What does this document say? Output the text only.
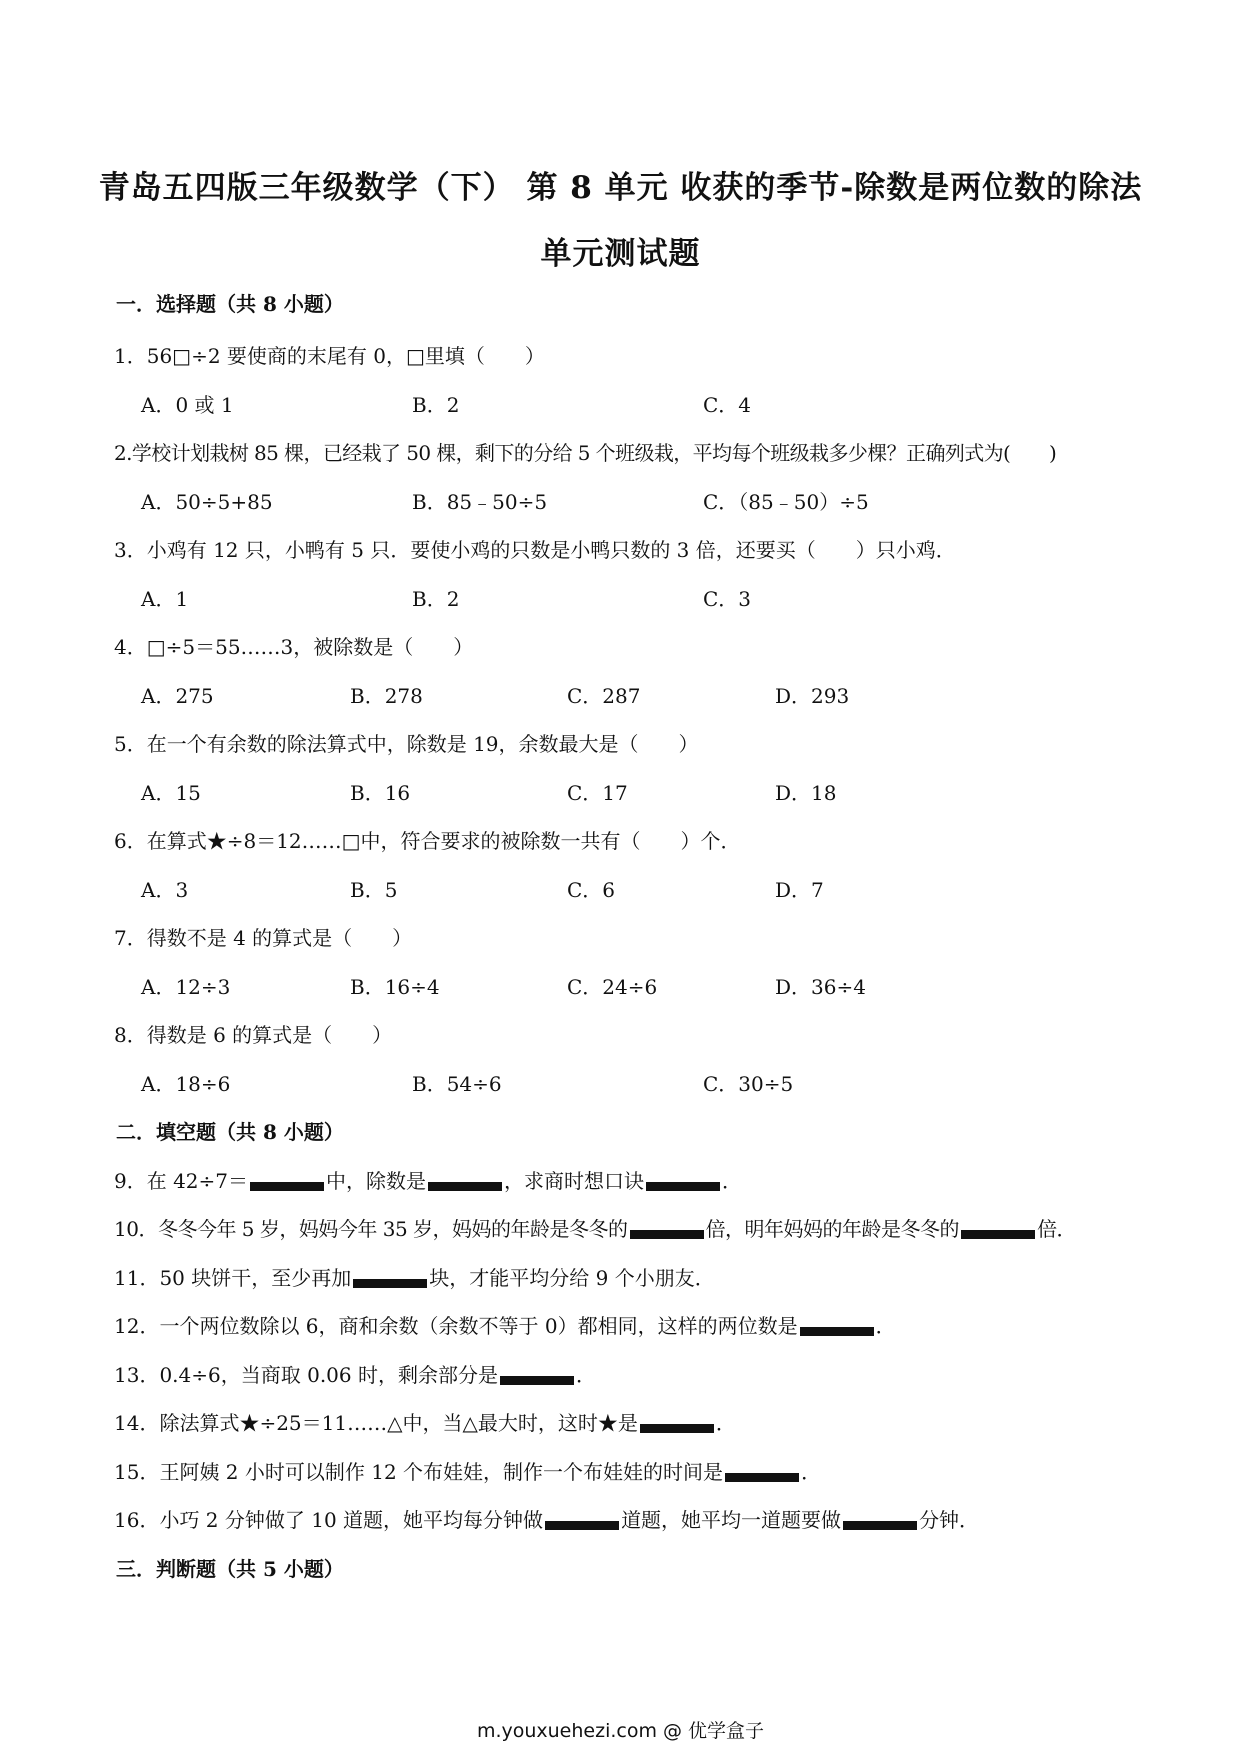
青岛五四版三年级数学（下） 第 8 单元 收获的季节-除数是两位数的除法
单元测试题
一．选择题（共 8 小题）
1．56□÷2 要使商的末尾有 0，□里填（　　）
A．0 或 1	B．2	C．4
2.学校计划栽树 85 棵，已经栽了 50 棵，剩下的分给 5 个班级栽，平均每个班级栽多少棵？正确列式为(　　)
A．50÷5+85	B．85﹣50÷5	C．（85﹣50）÷5
3．小鸡有 12 只，小鸭有 5 只．要使小鸡的只数是小鸭只数的 3 倍，还要买（　　）只小鸡．
A．1	B．2	C．3
4．□÷5＝55……3，被除数是（　　）
A．275	B．278	C．287	D．293
5．在一个有余数的除法算式中，除数是 19，余数最大是（　　）
A．15	B．16	C．17	D．18
6．在算式★÷8＝12……□中，符合要求的被除数一共有（　　）个．
A．3	B．5	C．6	D．7
7．得数不是 4 的算式是（　　）
A．12÷3	B．16÷4	C．24÷6	D．36÷4
8．得数是 6 的算式是（　　）
A．18÷6	B．54÷6	C．30÷5
二．填空题（共 8 小题）
9．在 42÷7＝	中，除数是	，求商时想口诀	．
10．冬冬今年 5 岁，妈妈今年 35 岁，妈妈的年龄是冬冬的	倍，明年妈妈的年龄是冬冬的	倍．
11．50 块饼干，至少再加	块，才能平均分给 9 个小朋友．
12．一个两位数除以 6，商和余数（余数不等于 0）都相同，这样的两位数是	．
13．0.4÷6，当商取 0.06 时，剩余部分是	．
14．除法算式★÷25＝11……△中，当△最大时，这时★是	．
15．王阿姨 2 小时可以制作 12 个布娃娃，制作一个布娃娃的时间是	．
16．小巧 2 分钟做了 10 道题，她平均每分钟做	道题，她平均一道题要做	分钟．
三．判断题（共 5 小题）
m.youxuehezi.com @ 优学盒子
